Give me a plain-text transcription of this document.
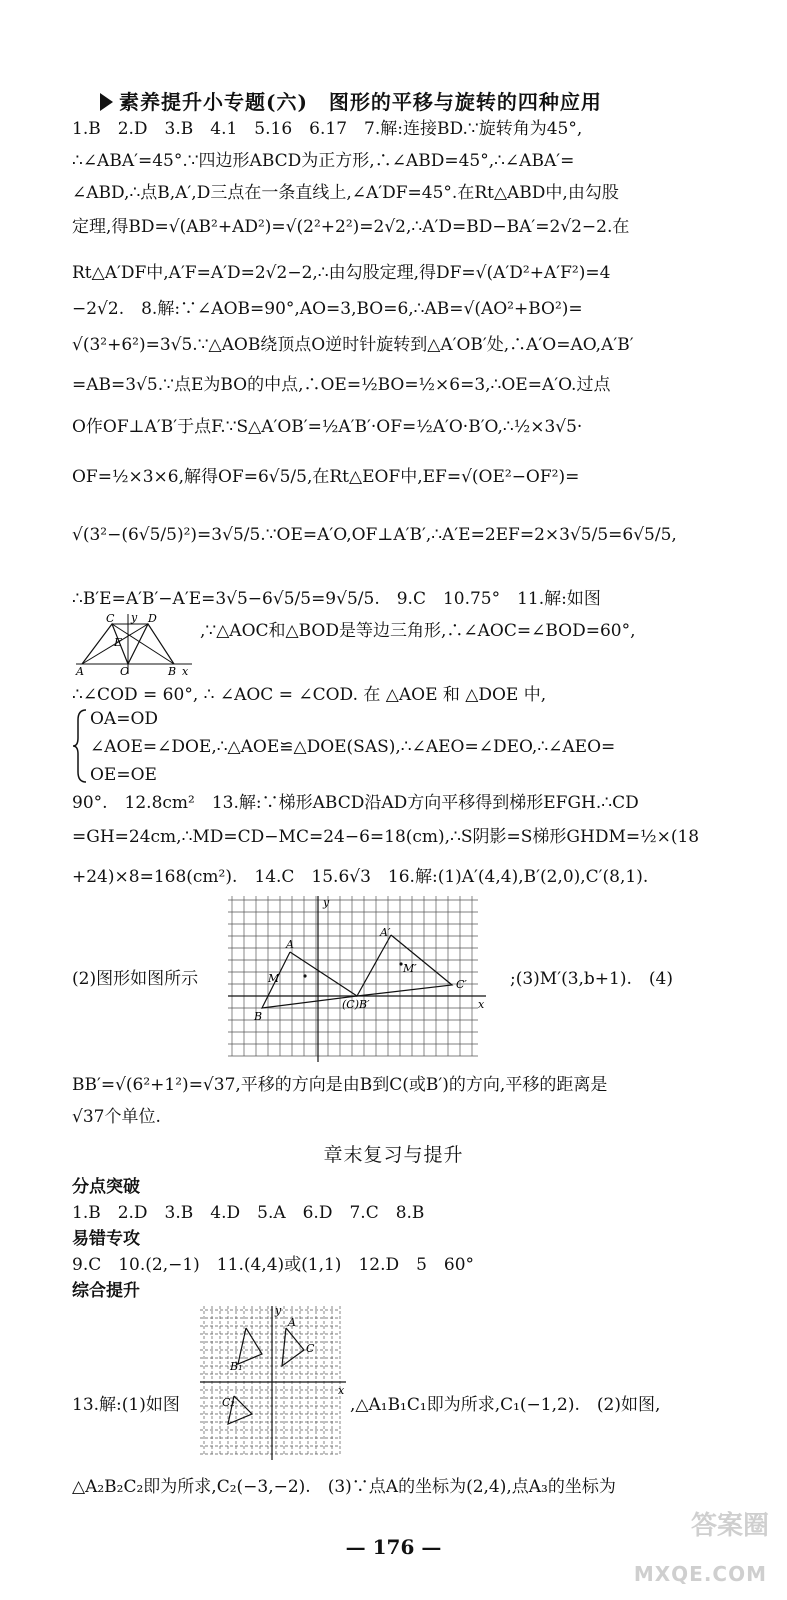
素养提升小专题(六)　图形的平移与旋转的四种应用
1.B　2.D　3.B　4.1　5.16　6.17　7.解:连接BD.∵旋转角为45°,
∴∠ABA′=45°.∵四边形ABCD为正方形,∴∠ABD=45°,∴∠ABA′=
∠ABD,∴点B,A′,D三点在一条直线上,∠A′DF=45°.在Rt△ABD中,由勾股
定理,得BD=√(AB²+AD²)=√(2²+2²)=2√2,∴A′D=BD−BA′=2√2−2.在
Rt△A′DF中,A′F=A′D=2√2−2,∴由勾股定理,得DF=√(A′D²+A′F²)=4
−2√2.　8.解:∵∠AOB=90°,AO=3,BO=6,∴AB=√(AO²+BO²)=
√(3²+6²)=3√5.∵△AOB绕顶点O逆时针旋转到△A′OB′处,∴A′O=AO,A′B′
=AB=3√5.∵点E为BO的中点,∴OE=½BO=½×6=3,∴OE=A′O.过点
O作OF⊥A′B′于点F.∵S△A′OB′=½A′B′·OF=½A′O·B′O,∴½×3√5·
OF=½×3×6,解得OF=6√5/5,在Rt△EOF中,EF=√(OE²−OF²)=
√(3²−(6√5/5)²)=3√5/5.∵OE=A′O,OF⊥A′B′,∴A′E=2EF=2×3√5/5=6√5/5,
∴B′E=A′B′−A′E=3√5−6√5/5=9√5/5.　9.C　10.75°　11.解:如图
C	D
E
A	O	B x
y
,∵△AOC和△BOD是等边三角形,∴∠AOC=∠BOD=60°,
∴∠COD = 60°, ∴ ∠AOC = ∠COD. 在 △AOE 和 △DOE 中,
OA=OD
∠AOE=∠DOE,∴△AOE≌△DOE(SAS),∴∠AEO=∠DEO,∴∠AEO=
OE=OE
90°.　12.8cm²　13.解:∵梯形ABCD沿AD方向平移得到梯形EFGH.∴CD
=GH=24cm,∴MD=CD−MC=24−6=18(cm),∴S阴影=S梯形GHDM=½×(18
+24)×8=168(cm²).　14.C　15.6√3　16.解:(1)A′(4,4),B′(2,0),C′(8,1).
A
A′
B
M
M′
C′
(C)B′	x
y
(2)图形如图所示	;(3)M′(3,b+1).　(4)
BB′=√(6²+1²)=√37,平移的方向是由B到C(或B′)的方向,平移的距离是
√37个单位.
章末复习与提升
分点突破
1.B　2.D　3.B　4.D　5.A　6.D　7.C　8.B
易错专攻
9.C　10.(2,−1)　11.(4,4)或(1,1)　12.D　5　60°
综合提升
A
C
B₁
C₂
x
y
13.解:(1)如图	,△A₁B₁C₁即为所求,C₁(−1,2).　(2)如图,
△A₂B₂C₂即为所求,C₂(−3,−2).　(3)∵点A的坐标为(2,4),点A₃的坐标为
— 176 —
答案圈
MXQE.COM
